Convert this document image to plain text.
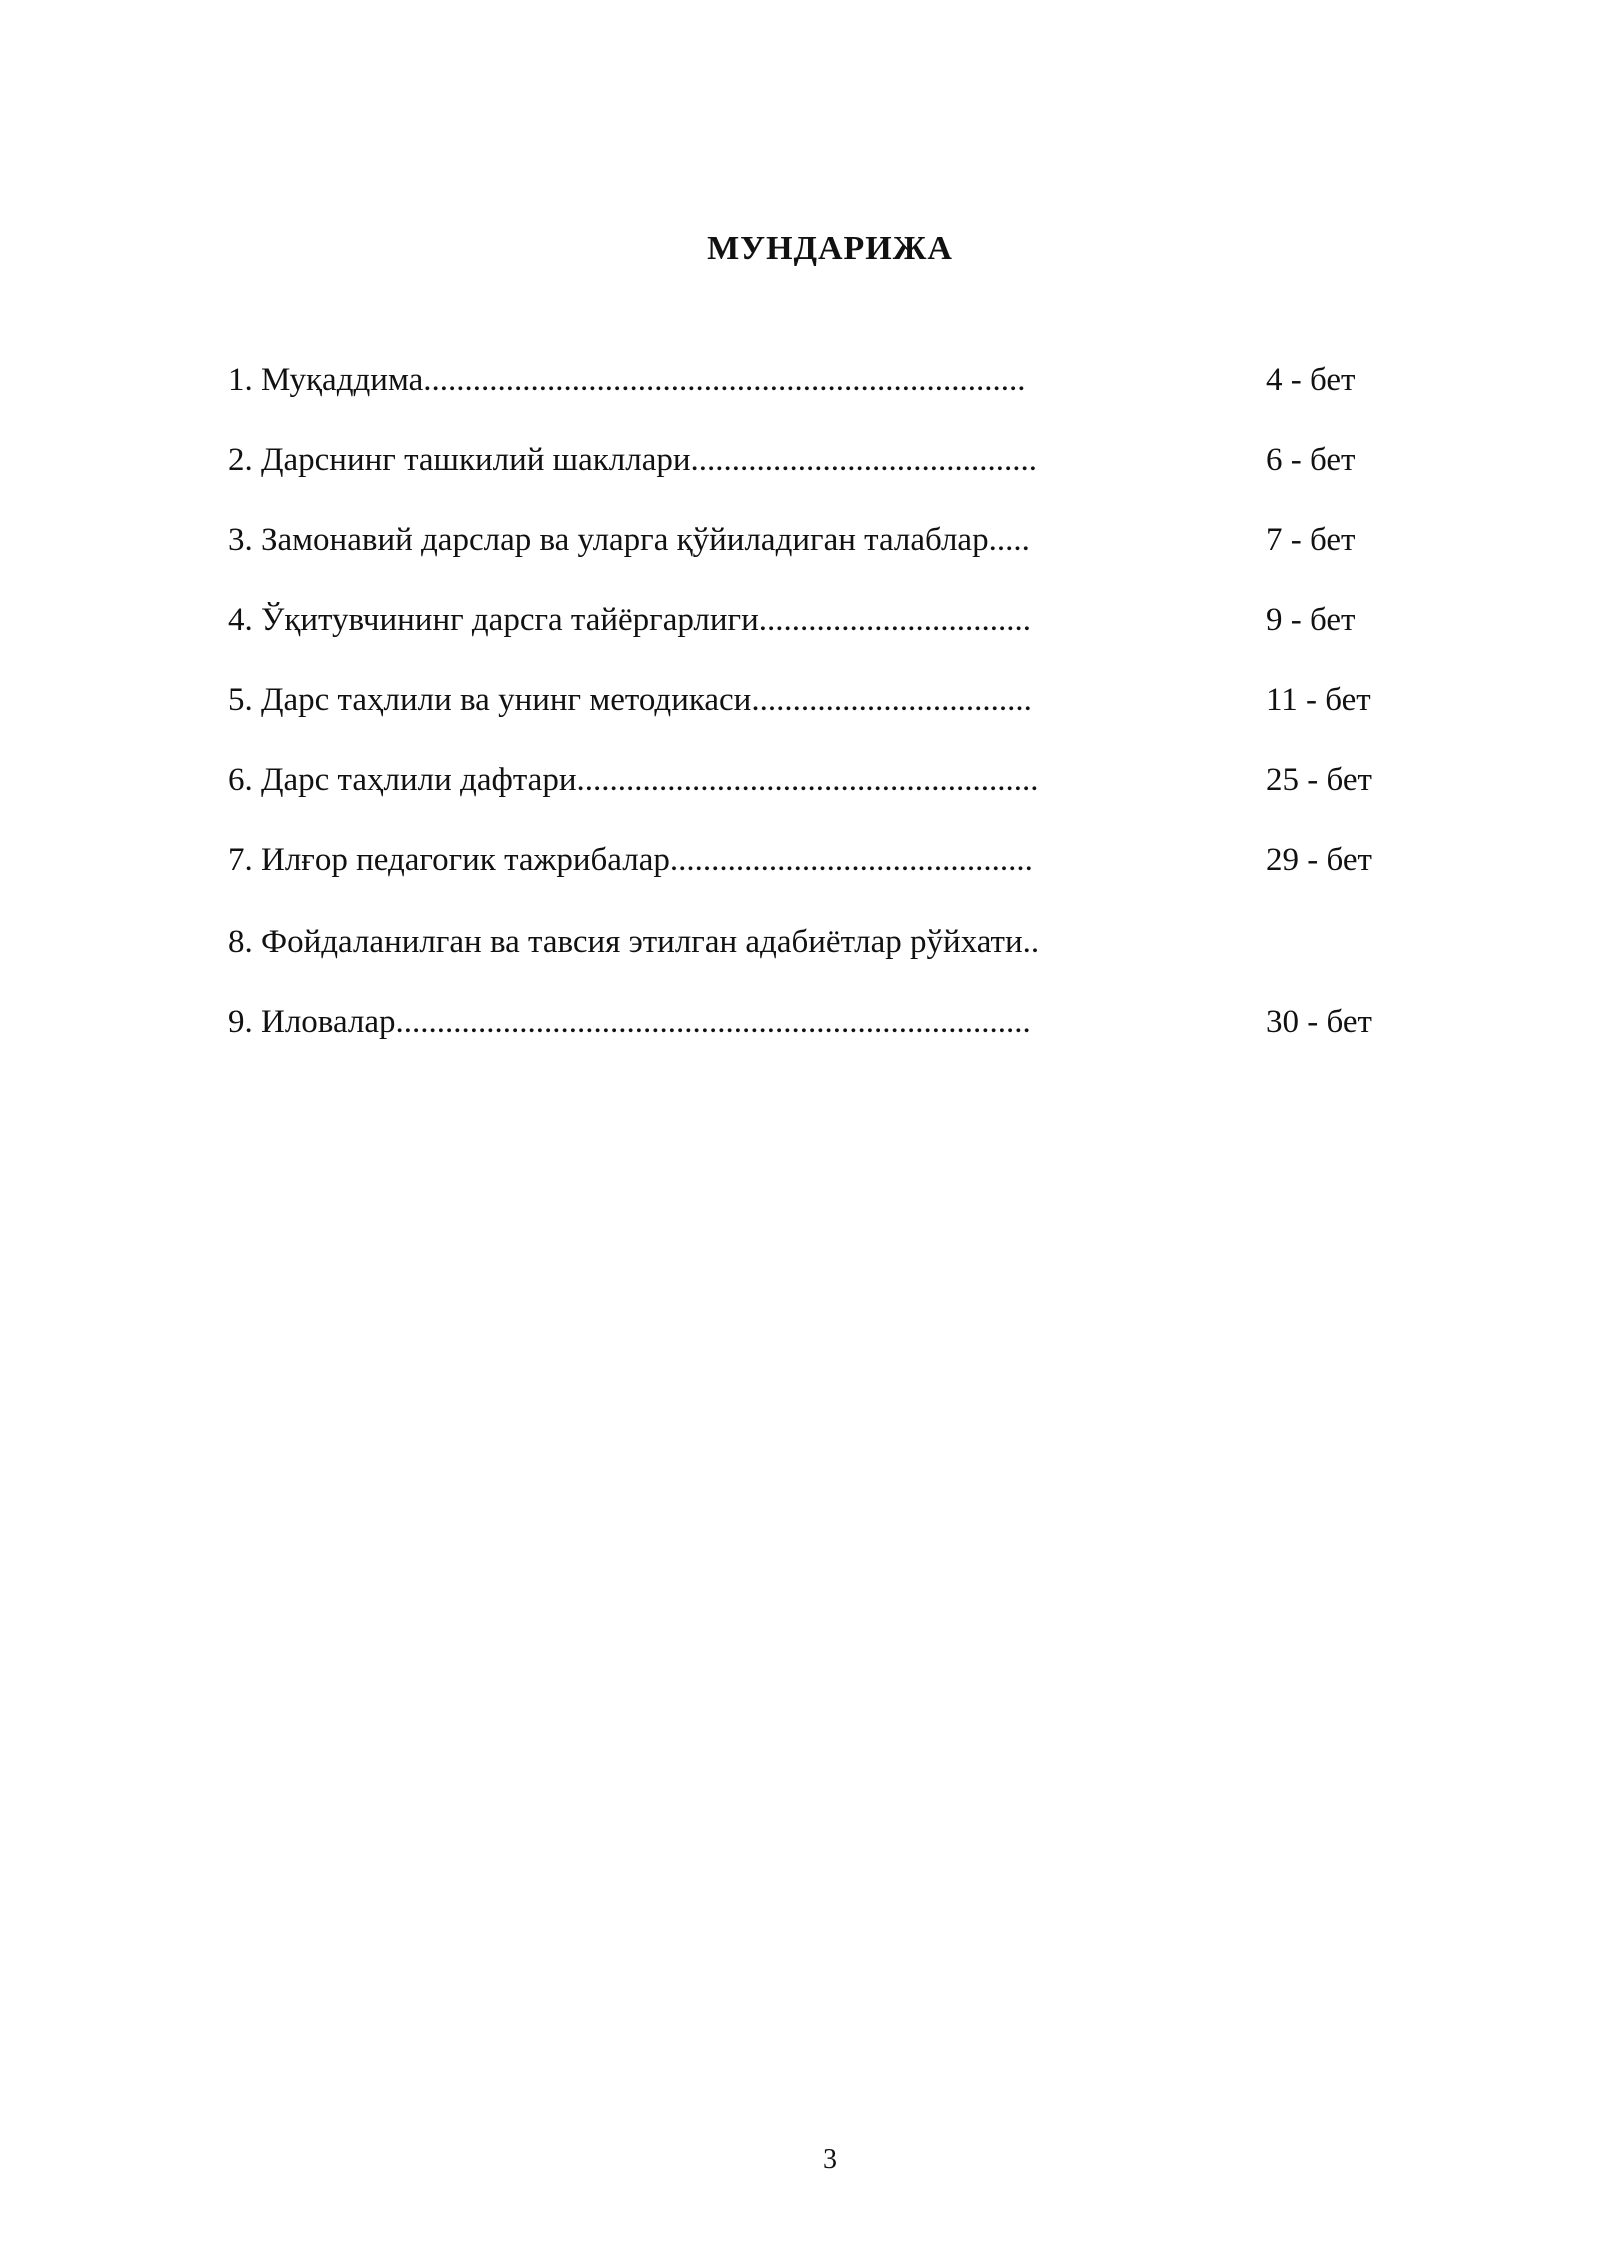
МУНДАРИЖА
1. Муқаддима.........................................................................	4 - бет
2. Дарснинг ташкилий шакллари..........................................	6 - бет
3. Замонавий дарслар ва уларга қўйиладиган талаблар.....	7 - бет
4. Ўқитувчининг дарсга тайёргарлиги.................................	9 - бет
5. Дарс таҳлили ва унинг методикаси..................................	11 - бет
6. Дарс таҳлили дафтари........................................................	25 - бет
7. Илғор педагогик тажрибалар............................................	29 - бет
8. Фойдаланилган ва тавсия этилган адабиётлар рўйхати..
9. Иловалар.............................................................................	30 - бет
3
